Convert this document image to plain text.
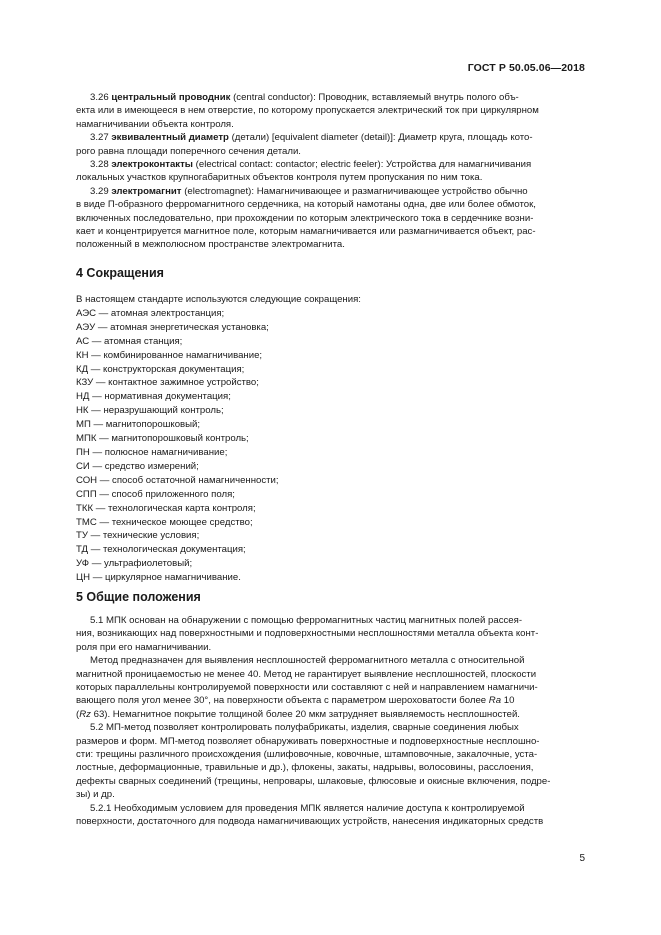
ГОСТ Р 50.05.06—2018
3.26 центральный проводник (central conductor): Проводник, вставляемый внутрь полого объ-
екта или в имеющееся в нем отверстие, по которому пропускается электрический ток при циркулярном
намагничивании объекта контроля.
3.27 эквивалентный диаметр (детали) [equivalent diameter (detail)]: Диаметр круга, площадь кото-
рого равна площади поперечного сечения детали.
3.28 электроконтакты (electrical contact: contactor; electric feeler): Устройства для намагничивания
локальных участков крупногабаритных объектов контроля путем пропускания по ним тока.
3.29 электромагнит (electromagnet): Намагничивающее и размагничивающее устройство обычно
в виде П-образного ферромагнитного сердечника, на который намотаны одна, две или более обмоток,
включенных последовательно, при прохождении по которым электрического тока в сердечнике возни-
кает и концентрируется магнитное поле, которым намагничивается или размагничивается объект, рас-
положенный в межполюсном пространстве электромагнита.
4 Сокращения
В настоящем стандарте используются следующие сокращения:
АЭС — атомная электростанция;
АЭУ — атомная энергетическая установка;
АС — атомная станция;
КН — комбинированное намагничивание;
КД — конструкторская документация;
КЗУ — контактное зажимное устройство;
НД — нормативная документация;
НК — неразрушающий контроль;
МП — магнитопорошковый;
МПК — магнитопорошковый контроль;
ПН — полюсное намагничивание;
СИ — средство измерений;
СОН — способ остаточной намагниченности;
СПП — способ приложенного поля;
ТКК — технологическая карта контроля;
ТМС — техническое моющее средство;
ТУ — технические условия;
ТД — технологическая документация;
УФ — ультрафиолетовый;
ЦН — циркулярное намагничивание.
5 Общие положения
5.1 МПК основан на обнаружении с помощью ферромагнитных частиц магнитных полей рассея-
ния, возникающих над поверхностными и подповерхностными несплошностями металла объекта конт-
роля при его намагничивании.
Метод предназначен для выявления несплошностей ферромагнитного металла с относительной
магнитной проницаемостью не менее 40. Метод не гарантирует выявление несплошностей, плоскости
которых параллельны контролируемой поверхности или составляют с ней и направлением намагничи-
вающего поля угол менее 30°, на поверхности объекта с параметром шероховатости более Ra 10
(Rz 63). Немагнитное покрытие толщиной более 20 мкм затрудняет выявляемость несплошностей.
5.2 МП-метод позволяет контролировать полуфабрикаты, изделия, сварные соединения любых
размеров и форм. МП-метод позволяет обнаруживать поверхностные и подповерхностные несплошно-
сти: трещины различного происхождения (шлифовочные, ковочные, штамповочные, закалочные, уста-
лостные, деформационные, травильные и др.), флокены, закаты, надрывы, волосовины, расслоения,
дефекты сварных соединений (трещины, непровары, шлаковые, флюсовые и окисные включения, подре-
зы) и др.
5.2.1 Необходимым условием для проведения МПК является наличие доступа к контролируемой
поверхности, достаточного для подвода намагничивающих устройств, нанесения индикаторных средств
5
